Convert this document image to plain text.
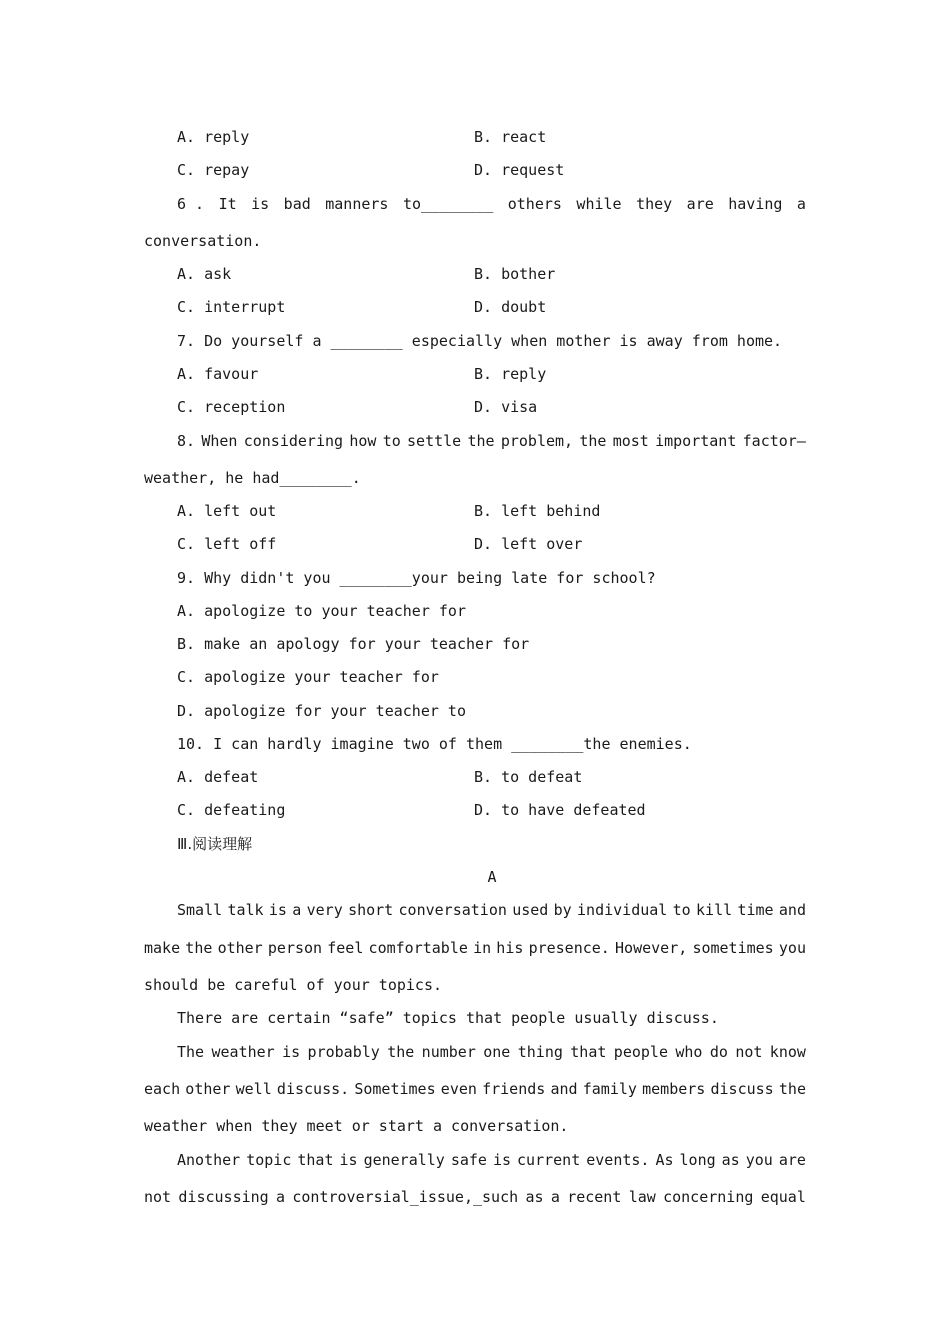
A. reply	B. react
C. repay	D. request
6 . It is bad manners to________ others while they are having a
conversation.
A. ask	B. bother
C. interrupt	D. doubt
7. Do yourself a ________ especially when mother is away from home.
A. favour	B. reply
C. reception	D. visa
8. When considering how to settle the problem, the most important factor—
weather, he had________.
A. left out	B. left behind
C. left off	D. left over
9. Why didn't you ________your being late for school?
A. apologize to your teacher for
B. make an apology for your teacher for
C. apologize your teacher for
D. apologize for your teacher to
10. I can hardly imagine two of them ________the enemies.
A. defeat	B. to defeat
C. defeating	D. to have defeated
Ⅲ.阅读理解
A
Small talk is a very short conversation used by individual to kill time and
make the other person feel comfortable in his presence. However, sometimes you
should be careful of your topics.
There are certain “safe” topics that people usually discuss.
The weather is probably the number one thing that people who do not know
each other well discuss. Sometimes even friends and family members discuss the
weather when they meet or start a conversation.
Another topic that is generally safe is current events. As long as you are
not discussing a controversial_issue,_such as a recent law concerning equal
